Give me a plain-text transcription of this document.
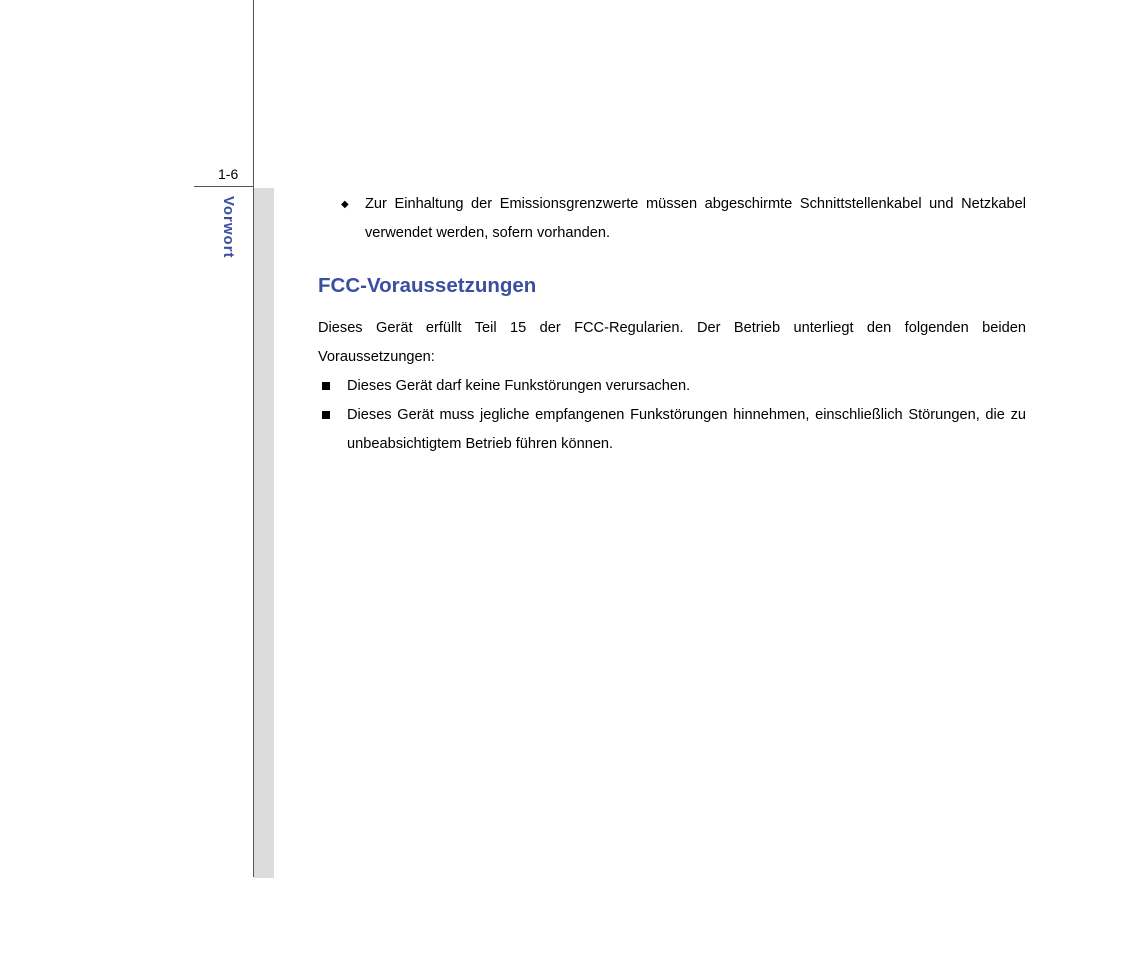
1-6
Vorwort	◆ Zur Einhaltung der Emissionsgrenzwerte müssen abgeschirmte Schnittstellenkabel und Netzkabel verwendet werden, sofern vorhanden.

FCC-Voraussetzungen

Dieses Gerät erfüllt Teil 15 der FCC-Regularien. Der Betrieb unterliegt den folgenden beiden Voraussetzungen:

Dieses Gerät darf keine Funkstörungen verursachen.
Dieses Gerät muss jegliche empfangenen Funkstörungen hinnehmen, einschließlich Störungen, die zu unbeabsichtigtem Betrieb führen können.
